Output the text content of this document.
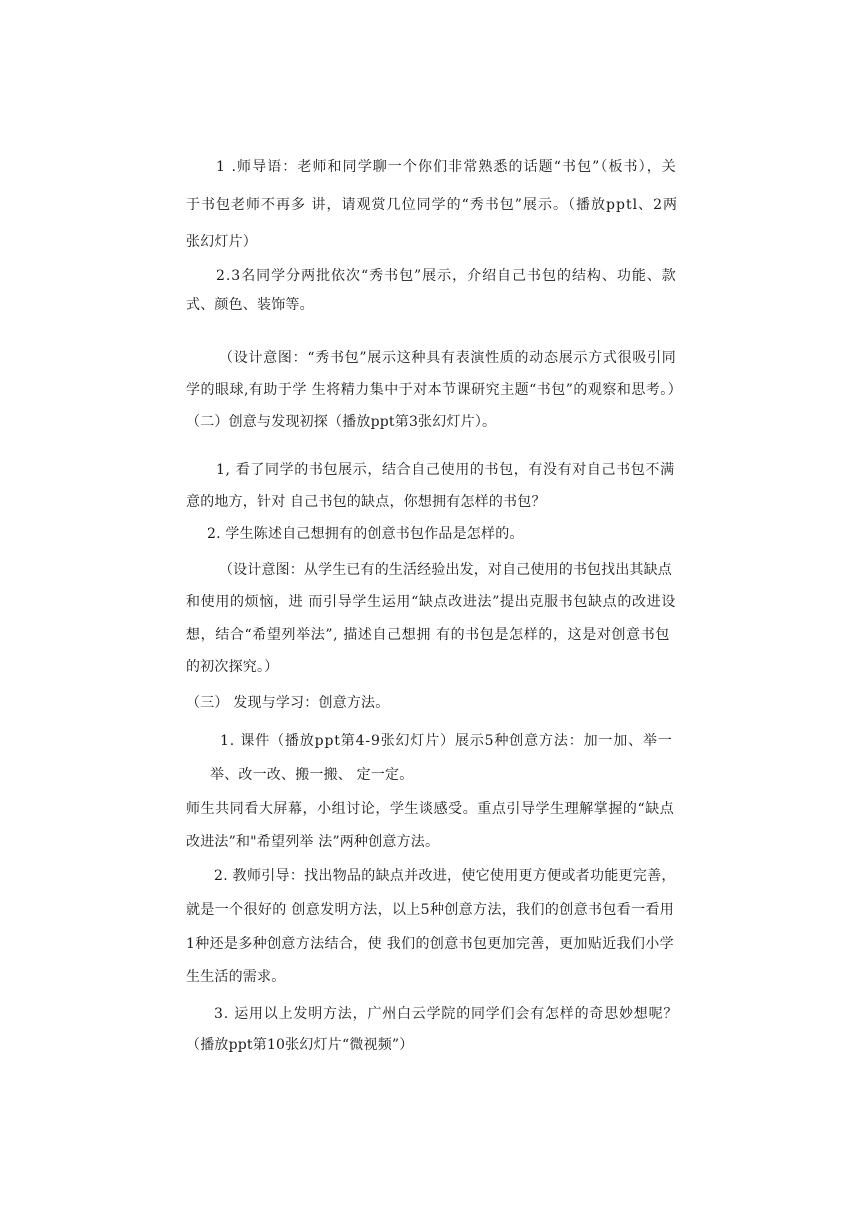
1 .师导语：老师和同学聊一个你们非常熟悉的话题“书包”（板书），关
于书包老师不再多 讲，请观赏几位同学的“秀书包”展示。（播放pptl、2两
张幻灯片）
2.3名同学分两批依次“秀书包”展示，介绍自己书包的结构、功能、款
式、颜色、装饰等。
（设计意图：“秀书包”展示这种具有表演性质的动态展示方式很吸引同
学的眼球,有助于学 生将精力集中于对本节课研究主题“书包”的观察和思考。）
（二）创意与发现初探（播放ppt第3张幻灯片）。
1, 看了同学的书包展示，结合自己使用的书包，有没有对自己书包不满
意的地方，针对 自己书包的缺点，你想拥有怎样的书包？
2. 学生陈述自己想拥有的创意书包作品是怎样的。
（设计意图：从学生已有的生活经验出发，对自己使用的书包找出其缺点
和使用的烦恼，进 而引导学生运用“缺点改进法”提出克服书包缺点的改进设
想，结合“希望列举法”, 描述自己想拥 有的书包是怎样的，这是对创意书包
的初次探究。）
（三） 发现与学习：创意方法。
1. 课件（播放ppt第4-9张幻灯片）展示5种创意方法：加一加、举一
举、改一改、搬一搬、 定一定。
师生共同看大屏幕，小组讨论，学生谈感受。重点引导学生理解掌握的“缺点
改进法”和"希望列举 法”两种创意方法。
2. 教师引导：找出物品的缺点并改进，使它使用更方便或者功能更完善，
就是一个很好的 创意发明方法，以上5种创意方法，我们的创意书包看一看用
1种还是多种创意方法结合，使 我们的创意书包更加完善，更加贴近我们小学
生生活的需求。
3. 运用以上发明方法，广州白云学院的同学们会有怎样的奇思妙想呢？
（播放ppt第10张幻灯片“微视频”）
